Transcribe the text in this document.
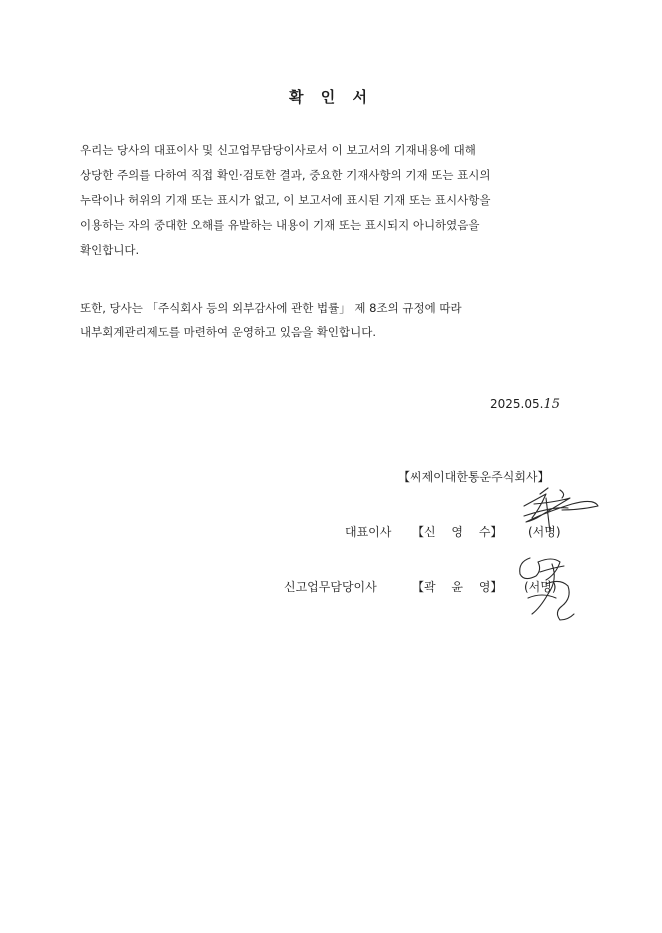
확 인 서
우리는 당사의 대표이사 및 신고업무담당이사로서 이 보고서의 기재내용에 대해
상당한 주의를 다하여 직접 확인·검토한 결과, 중요한 기재사항의 기재 또는 표시의
누락이나 허위의 기재 또는 표시가 없고, 이 보고서에 표시된 기재 또는 표시사항을
이용하는 자의 중대한 오해를 유발하는 내용이 기재 또는 표시되지 아니하였음을
확인합니다.
또한, 당사는 「주식회사 등의 외부감사에 관한 법률」 제 8조의 규정에 따라
내부회계관리제도를 마련하여 운영하고 있음을 확인합니다.
2025.05.15
【씨제이대한통운주식회사】
대표이사 【신 영 수】 (서명)
신고업무담당이사	【곽 윤 영】 (서명)
